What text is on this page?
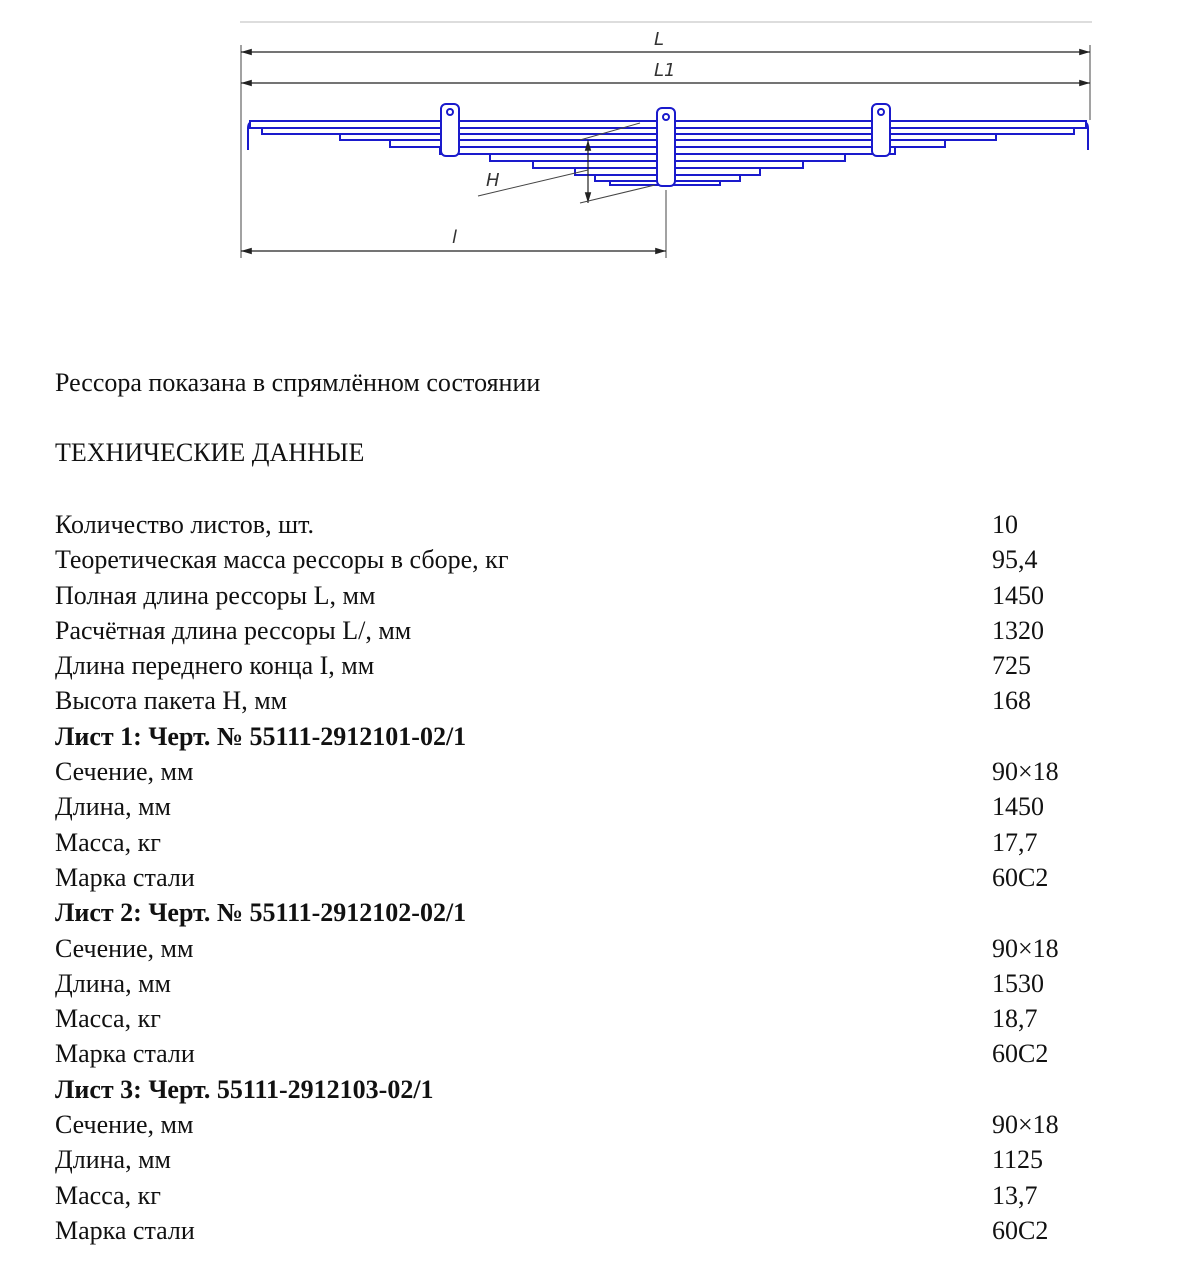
L
L1
H
l
Рессора показана в спрямлённом состоянии
ТЕХНИЧЕСКИЕ ДАННЫЕ
Количество листов, шт.	10
Теоретическая масса рессоры в сборе, кг	95,4
Полная длина рессоры L, мм	1450
Расчётная длина рессоры L/, мм	1320
Длина переднего конца I, мм	725
Высота пакета H, мм	168
Лист 1: Черт. № 55111-2912101-02/1
Сечение, мм	90×18
Длина, мм	1450
Масса, кг	17,7
Марка стали	60С2
Лист 2: Черт. № 55111-2912102-02/1
Сечение, мм	90×18
Длина, мм	1530
Масса, кг	18,7
Марка стали	60С2
Лист 3: Черт. 55111-2912103-02/1
Сечение, мм	90×18
Длина, мм	1125
Масса, кг	13,7
Марка стали	60С2
